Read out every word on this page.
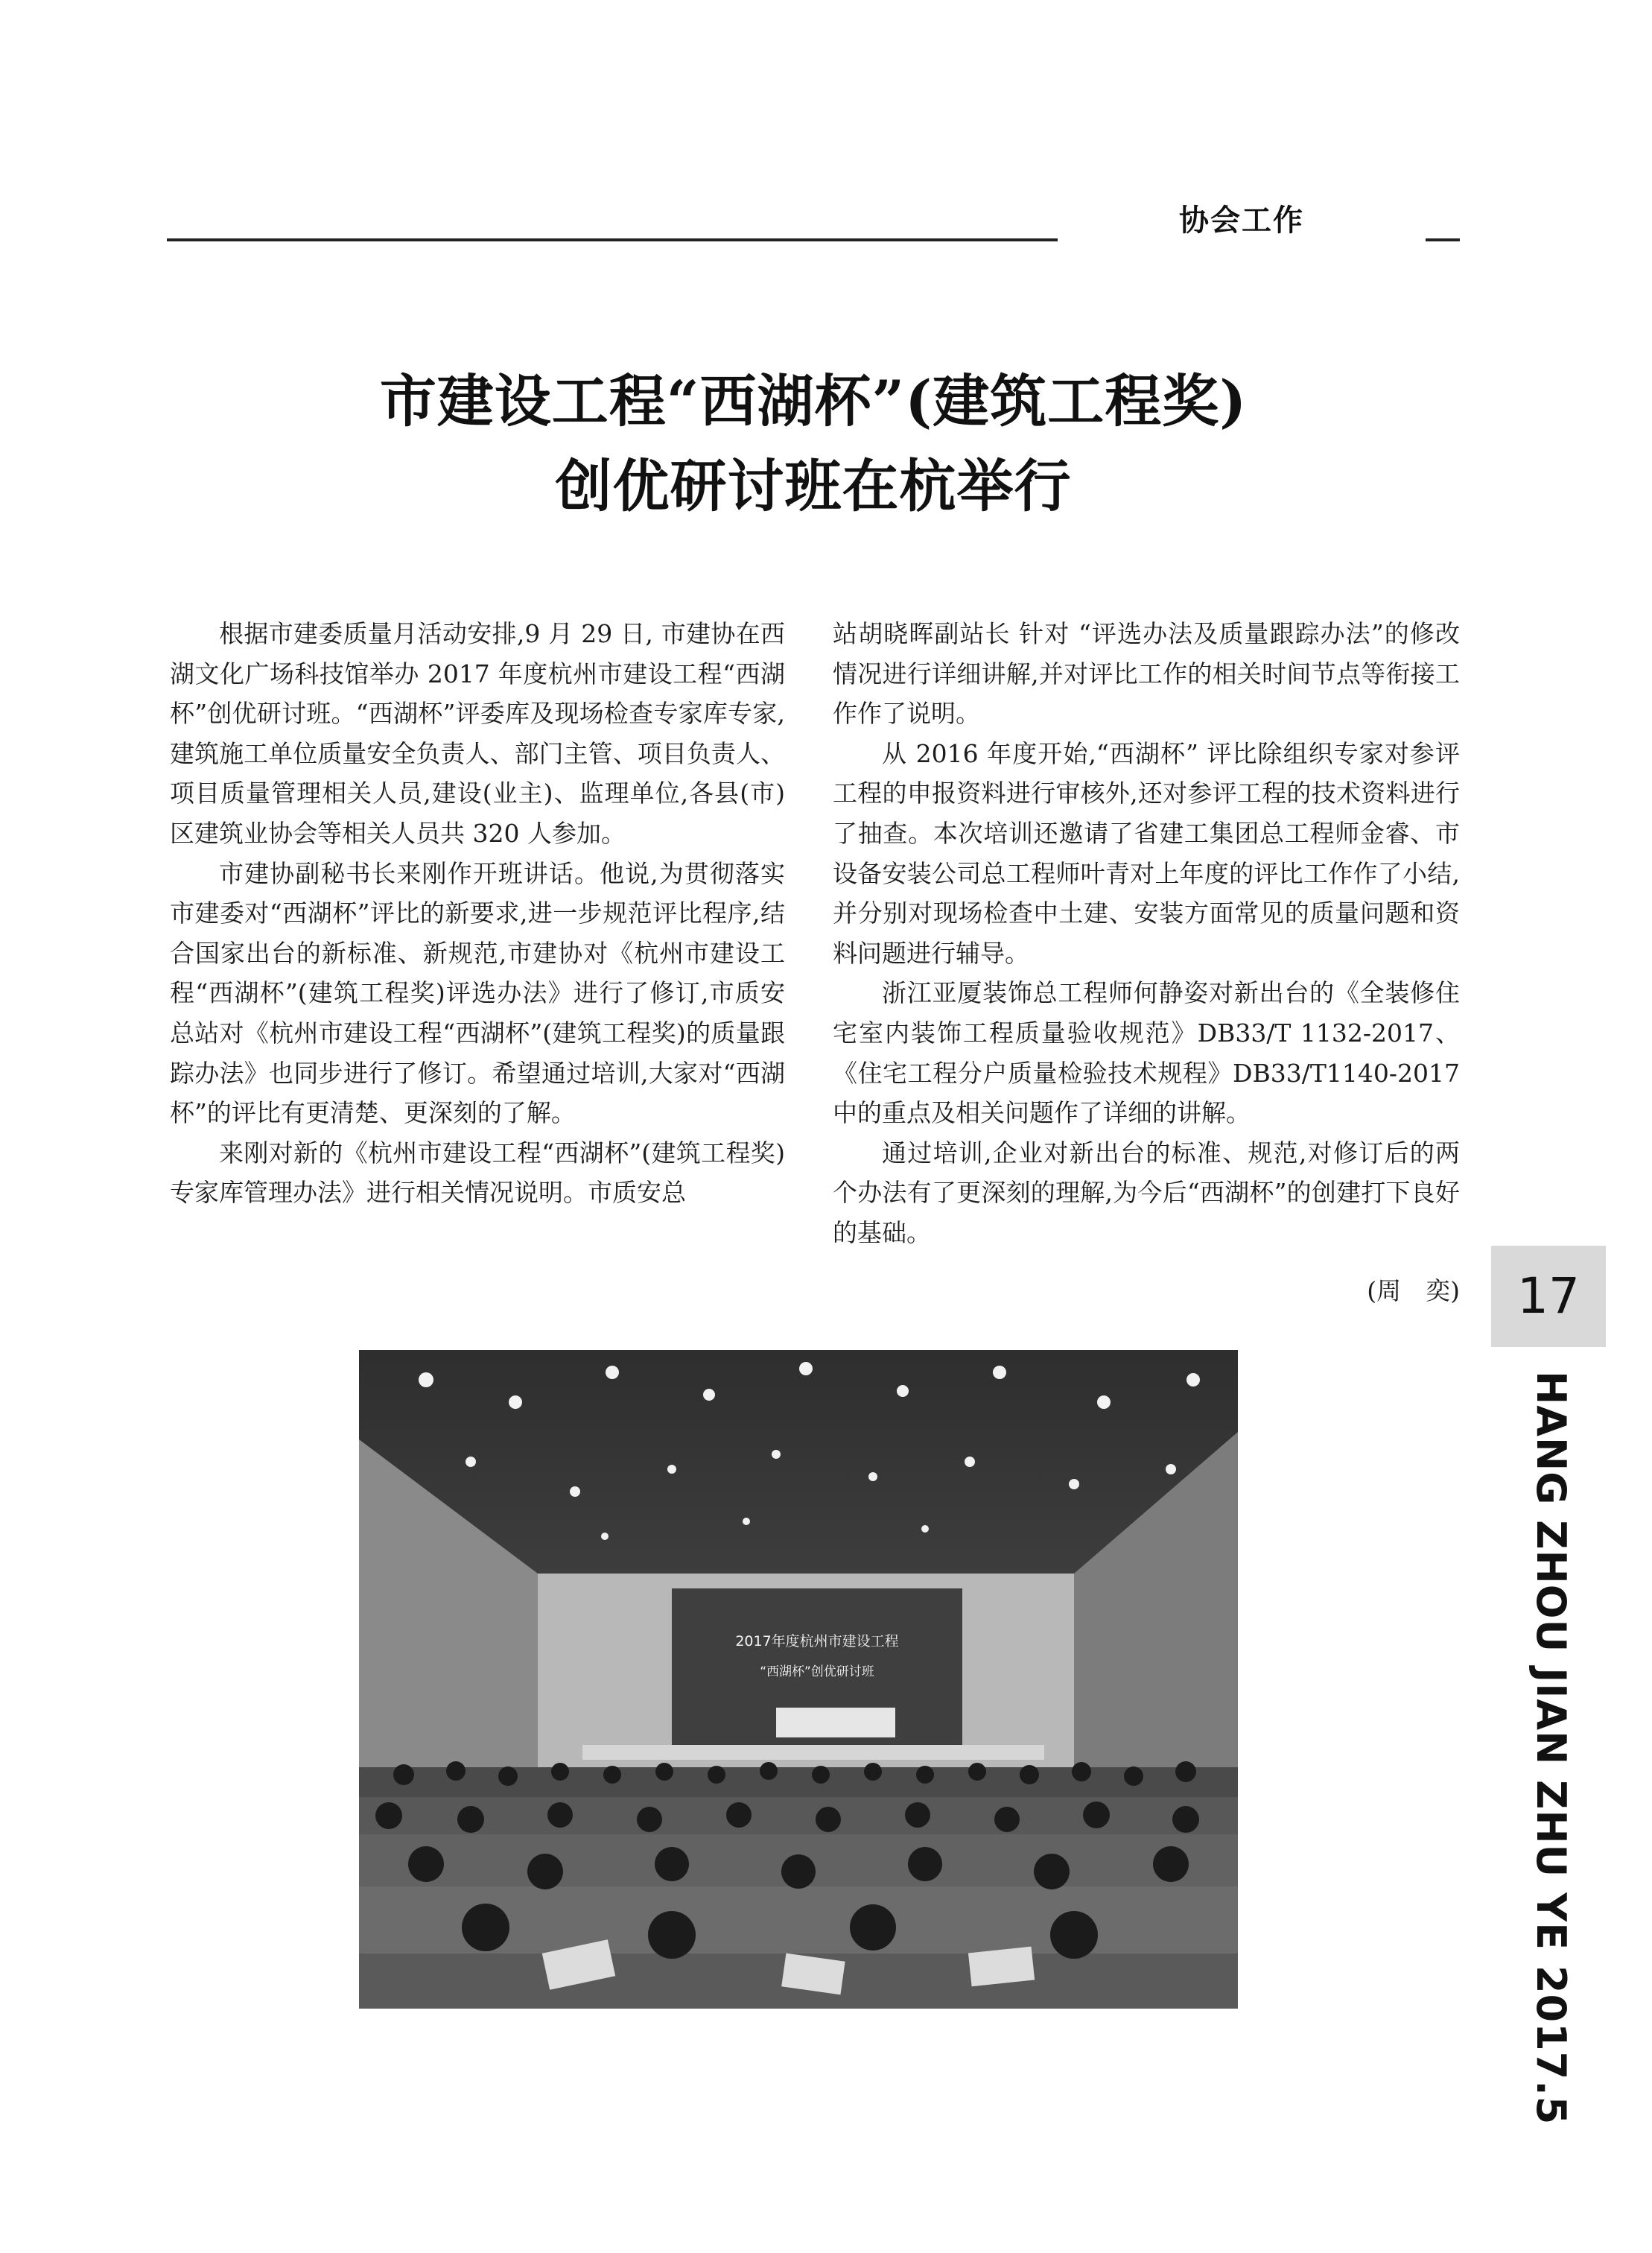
协会工作
市建设工程“西湖杯”(建筑工程奖)
创优研讨班在杭举行

根据市建委质量月活动安排,9 月 29 日, 市建协在西湖文化广场科技馆举办 2017 年度杭州市建设工程“西湖杯”创优研讨班。“西湖杯”评委库及现场检查专家库专家,建筑施工单位质量安全负责人、部门主管、项目负责人、项目质量管理相关人员,建设(业主)、监理单位,各县(市)区建筑业协会等相关人员共 320 人参加。

市建协副秘书长来刚作开班讲话。他说,为贯彻落实市建委对“西湖杯”评比的新要求,进一步规范评比程序,结合国家出台的新标准、新规范,市建协对《杭州市建设工程“西湖杯”(建筑工程奖)评选办法》进行了修订,市质安总站对《杭州市建设工程“西湖杯”(建筑工程奖)的质量跟踪办法》也同步进行了修订。希望通过培训,大家对“西湖杯”的评比有更清楚、更深刻的了解。

来刚对新的《杭州市建设工程“西湖杯”(建筑工程奖)专家库管理办法》进行相关情况说明。市质安总

站胡晓晖副站长 针对 “评选办法及质量跟踪办法”的修改情况进行详细讲解,并对评比工作的相关时间节点等衔接工作作了说明。

从 2016 年度开始,“西湖杯” 评比除组织专家对参评工程的申报资料进行审核外,还对参评工程的技术资料进行了抽查。本次培训还邀请了省建工集团总工程师金睿、市设备安装公司总工程师叶青对上年度的评比工作作了小结, 并分别对现场检查中土建、安装方面常见的质量问题和资料问题进行辅导。

浙江亚厦装饰总工程师何静姿对新出台的《全装修住宅室内装饰工程质量验收规范》DB33/T 1132-2017、《住宅工程分户质量检验技术规程》DB33/T1140-2017 中的重点及相关问题作了详细的讲解。

通过培训,企业对新出台的标准、规范,对修订后的两个办法有了更深刻的理解,为今后“西湖杯”的创建打下良好的基础。

(周　奕)
2017年度杭州市建设工程
“西湖杯”创优研讨班
17
HANG ZHOU JIAN ZHU YE 2017.5
